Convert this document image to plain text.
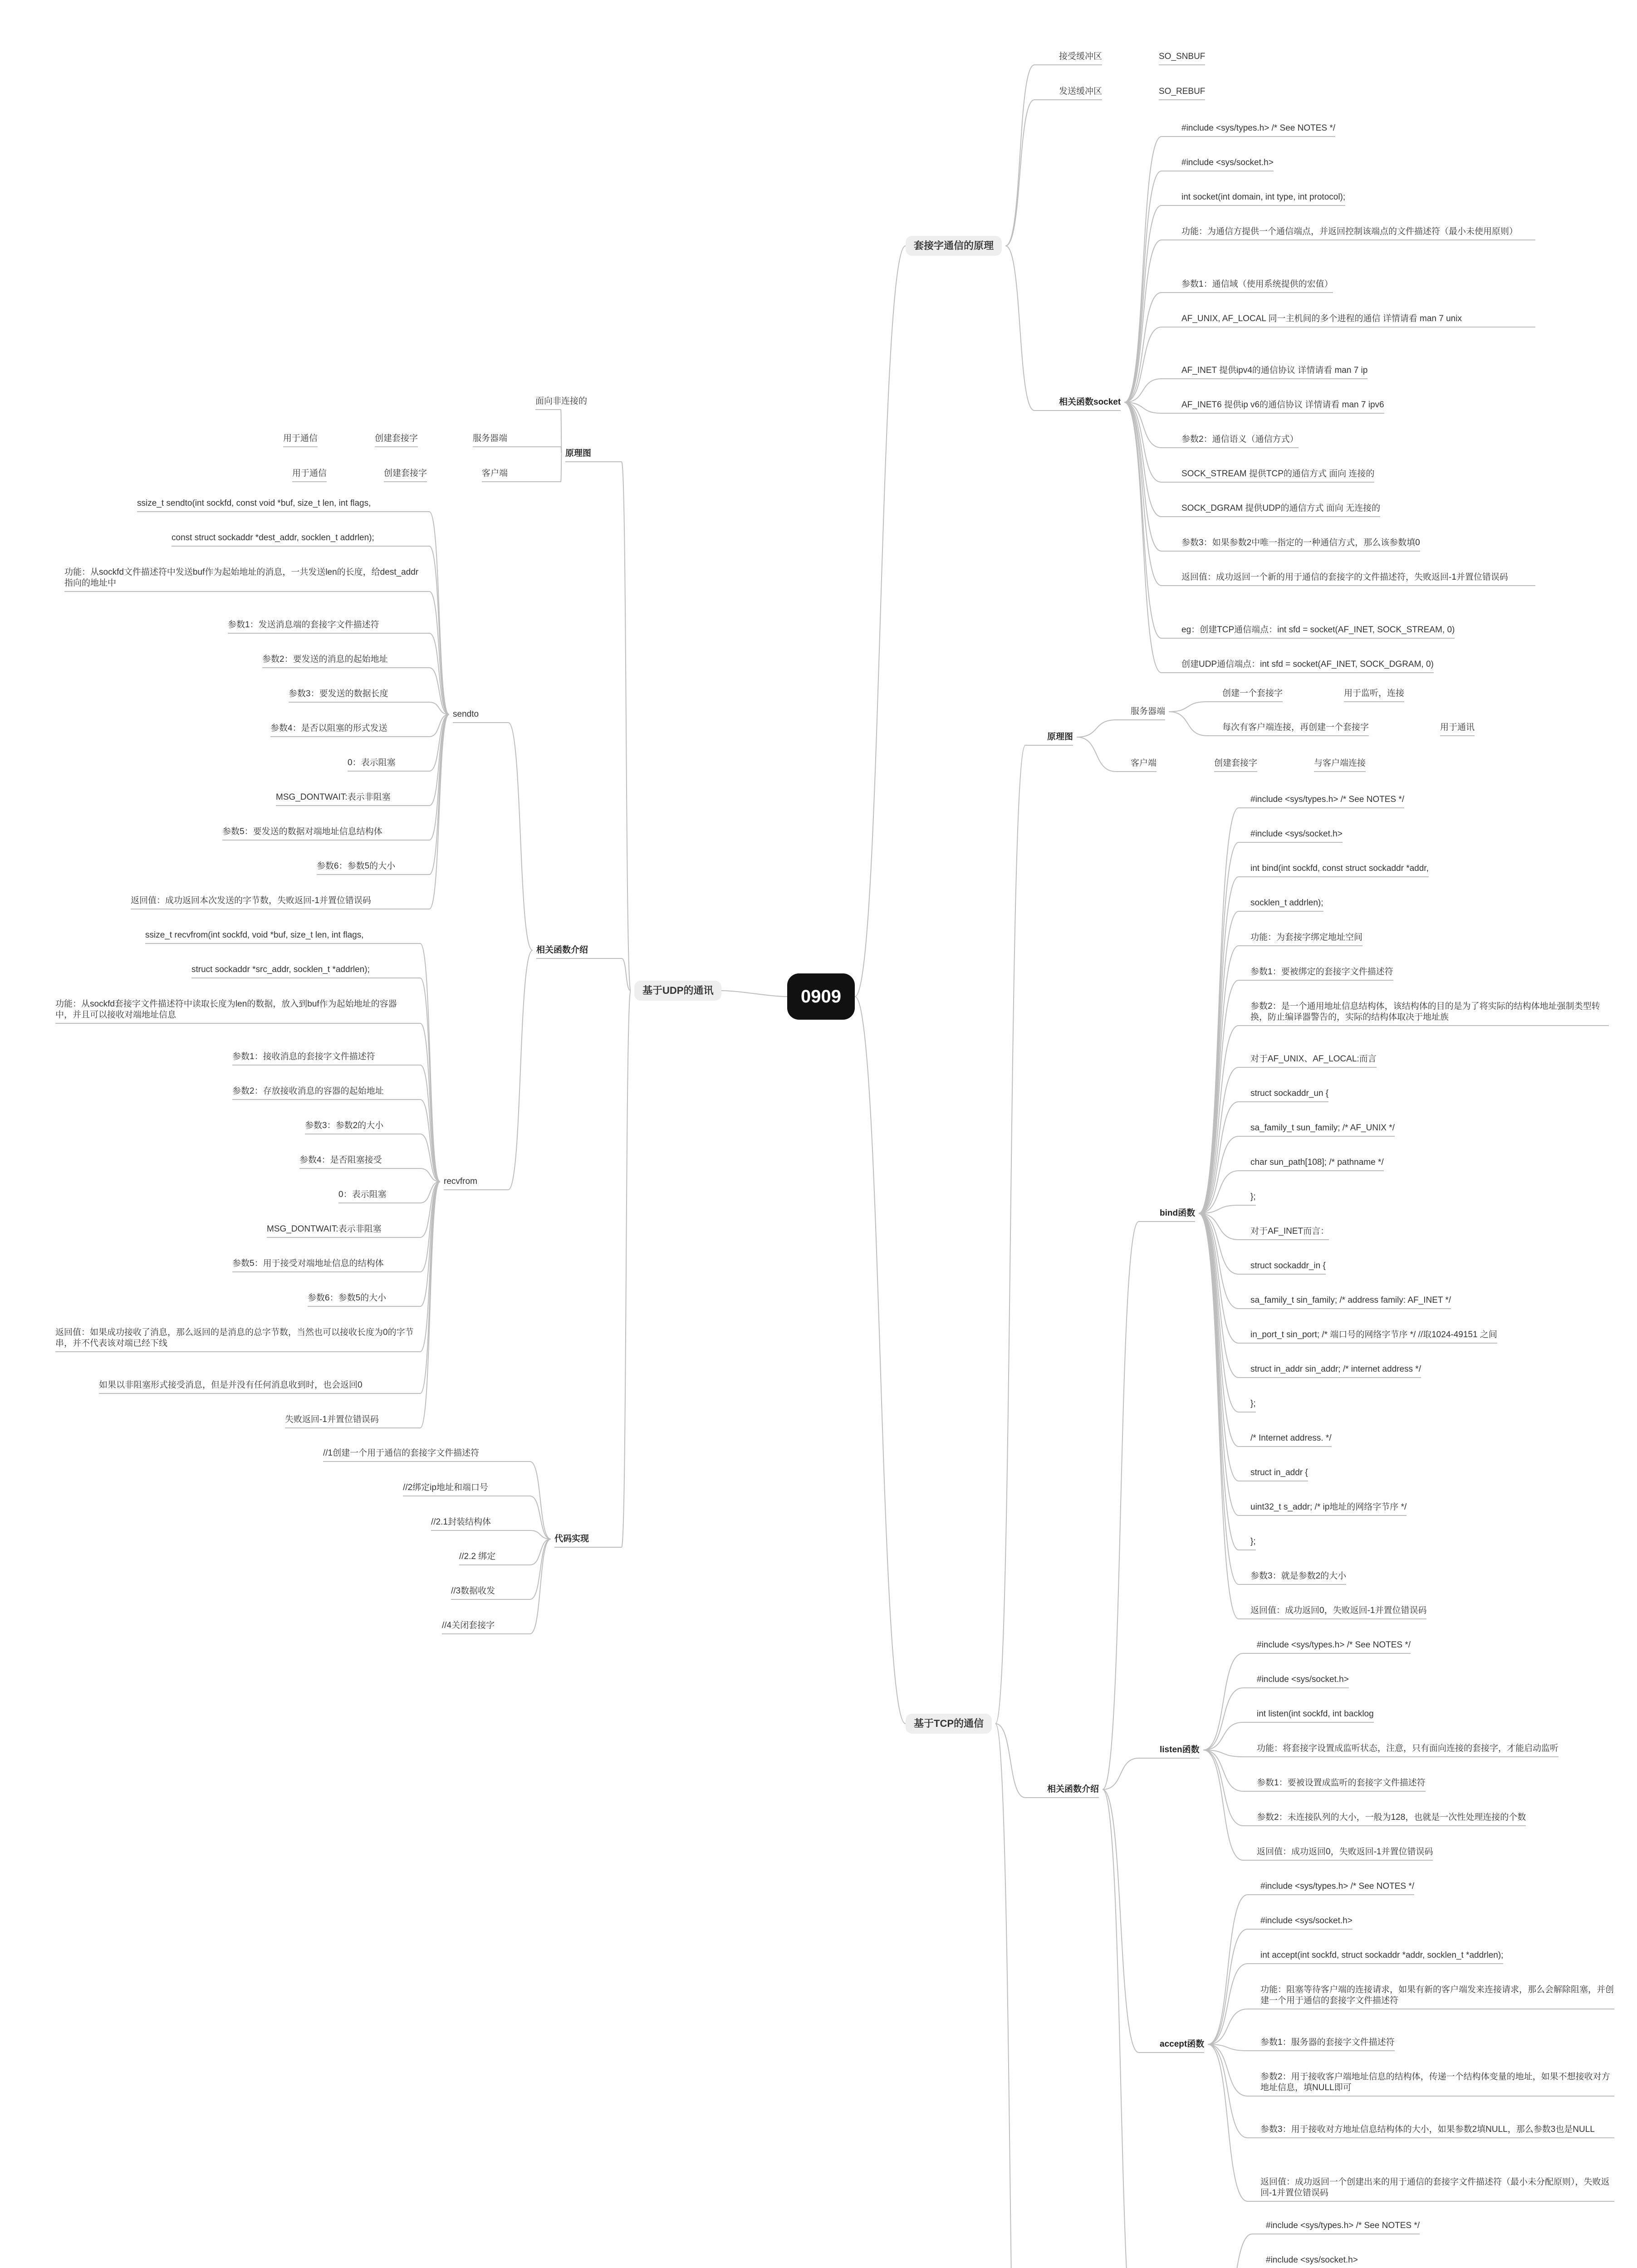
0909
基于UDP的通讯
原理图
面向非连接的
用于通信	创建套接字	服务器端
用于通信	创建套接字	客户端
相关函数介绍
sendto
ssize_t sendto(int sockfd, const void *buf, size_t len, int flags,
const struct sockaddr *dest_addr, socklen_t addrlen);
功能：从sockfd文件描述符中发送buf作为起始地址的消息，一共发送len的长度，给dest_addr指向的地址中
参数1：发送消息端的套接字文件描述符
参数2：要发送的消息的起始地址
参数3：要发送的数据长度
参数4：是否以阻塞的形式发送
0：表示阻塞
MSG_DONTWAIT:表示非阻塞
参数5：要发送的数据对端地址信息结构体
参数6：参数5的大小
返回值：成功返回本次发送的字节数，失败返回-1并置位错误码
recvfrom
ssize_t recvfrom(int sockfd, void *buf, size_t len, int flags,
struct sockaddr *src_addr, socklen_t *addrlen);
功能：从sockfd套接字文件描述符中读取长度为len的数据，放入到buf作为起始地址的容器中，并且可以接收对端地址信息
参数1：接收消息的套接字文件描述符
参数2：存放接收消息的容器的起始地址
参数3：参数2的大小
参数4：是否阻塞接受
0：表示阻塞
MSG_DONTWAIT:表示非阻塞
参数5：用于接受对端地址信息的结构体
参数6：参数5的大小
返回值：如果成功接收了消息，那么返回的是消息的总字节数，当然也可以接收长度为0的字节串，并不代表该对端已经下线
如果以非阻塞形式接受消息，但是并没有任何消息收到时，也会返回0
失败返回-1并置位错误码
代码实现
//1创建一个用于通信的套接字文件描述符
//2绑定ip地址和端口号
//2.1封装结构体
//2.2 绑定
//3数据收发
//4关闭套接字
套接字通信的原理
接受缓冲区	SO_SNBUF
发送缓冲区	SO_REBUF
相关函数socket
#include <sys/types.h> /* See NOTES */
#include <sys/socket.h>
int socket(int domain, int type, int protocol);
功能：为通信方提供一个通信端点，并返回控制该端点的文件描述符（最小未使用原则）
参数1：通信域（使用系统提供的宏值）
AF_UNIX, AF_LOCAL 同一主机间的多个进程的通信 详情请看 man 7 unix
AF_INET 提供ipv4的通信协议 详情请看 man 7 ip
AF_INET6 提供ip v6的通信协议 详情请看 man 7 ipv6
参数2：通信语义（通信方式）
SOCK_STREAM 提供TCP的通信方式 面向 连接的
SOCK_DGRAM 提供UDP的通信方式 面向 无连接的
参数3：如果参数2中唯一指定的一种通信方式，那么该参数填0
返回值：成功返回一个新的用于通信的套接字的文件描述符，失败返回-1并置位错误码
eg：创建TCP通信端点：int sfd = socket(AF_INET, SOCK_STREAM, 0)
创建UDP通信端点：int sfd = socket(AF_INET, SOCK_DGRAM, 0)
基于TCP的通信
原理图
服务器端
创建一个套接字	用于监听，连接
每次有客户端连接，再创建一个套接字	用于通讯
客户端	创建套接字	与客户端连接
相关函数介绍
bind函数
#include <sys/types.h> /* See NOTES */
#include <sys/socket.h>
int bind(int sockfd, const struct sockaddr *addr,
socklen_t addrlen);
功能：为套接字绑定地址空间
参数1：要被绑定的套接字文件描述符
参数2：是一个通用地址信息结构体，该结构体的目的是为了将实际的结构体地址强制类型转换，防止编译器警告的，实际的结构体取决于地址族
对于AF_UNIX、AF_LOCAL:而言
struct sockaddr_un {
sa_family_t sun_family; /* AF_UNIX */
char sun_path[108]; /* pathname */
};
对于AF_INET而言：
struct sockaddr_in {
sa_family_t sin_family; /* address family: AF_INET */
in_port_t sin_port; /* 端口号的网络字节序 */ //取1024-49151 之间
struct in_addr sin_addr; /* internet address */
};
/* Internet address. */
struct in_addr {
uint32_t s_addr; /* ip地址的网络字节序 */
};
参数3：就是参数2的大小
返回值：成功返回0，失败返回-1并置位错误码
listen函数
#include <sys/types.h> /* See NOTES */
#include <sys/socket.h>
int listen(int sockfd, int backlog
功能：将套接字设置成监听状态，注意，只有面向连接的套接字，才能启动监听
参数1：要被设置成监听的套接字文件描述符
参数2：未连接队列的大小，一般为128，也就是一次性处理连接的个数
返回值：成功返回0，失败返回-1并置位错误码
accept函数
#include <sys/types.h> /* See NOTES */
#include <sys/socket.h>
int accept(int sockfd, struct sockaddr *addr, socklen_t *addrlen);
功能：阻塞等待客户端的连接请求，如果有新的客户端发来连接请求，那么会解除阻塞，并创建一个用于通信的套接字文件描述符
参数1：服务器的套接字文件描述符
参数2：用于接收客户端地址信息的结构体，传递一个结构体变量的地址，如果不想接收对方地址信息，填NULL即可
参数3：用于接收对方地址信息结构体的大小，如果参数2填NULL，那么参数3也是NULL
返回值：成功返回一个创建出来的用于通信的套接字文件描述符（最小未分配原则），失败返回-1并置位错误码
#include <sys/types.h> /* See NOTES */
#include <sys/socket.h>
